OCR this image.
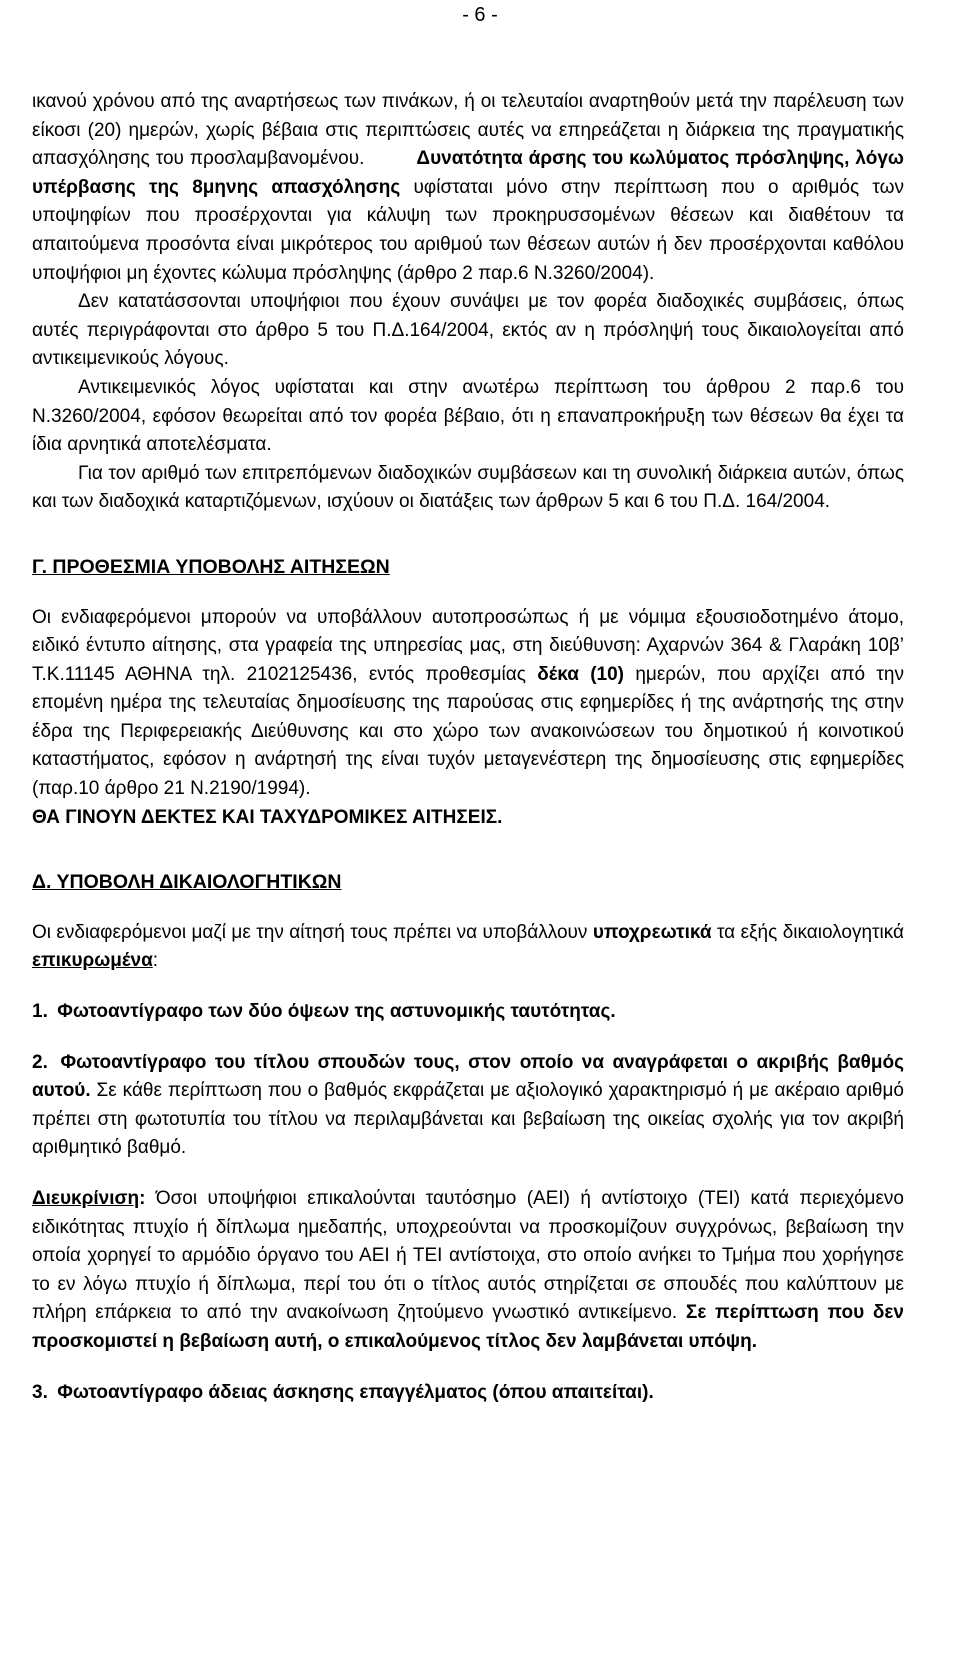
- 6 -

ικανού χρόνου από της αναρτήσεως των πινάκων, ή οι τελευταίοι αναρτηθούν μετά την παρέλευση των είκοσι (20) ημερών, χωρίς βέβαια στις περιπτώσεις αυτές να επηρεάζεται η διάρκεια της πραγματικής απασχόλησης του προσλαμβανομένου.	Δυνατότητα άρσης του κωλύματος πρόσληψης, λόγω υπέρβασης της 8μηνης απασχόλησης υφίσταται μόνο στην περίπτωση που ο αριθμός των υποψηφίων που προσέρχονται για κάλυψη των προκηρυσσομένων θέσεων και διαθέτουν τα απαιτούμενα προσόντα είναι μικρότερος του αριθμού των θέσεων αυτών ή δεν προσέρχονται καθόλου υποψήφιοι μη έχοντες κώλυμα πρόσληψης (άρθρο 2 παρ.6 Ν.3260/2004).

Δεν κατατάσσονται υποψήφιοι που έχουν συνάψει με τον φορέα διαδοχικές συμβάσεις, όπως αυτές περιγράφονται στο άρθρο 5 του Π.Δ.164/2004, εκτός αν η πρόσληψή τους δικαιολογείται από αντικειμενικούς λόγους.

Αντικειμενικός λόγος υφίσταται και στην ανωτέρω περίπτωση του άρθρου 2 παρ.6 του Ν.3260/2004, εφόσον θεωρείται από τον φορέα βέβαιο, ότι η επαναπροκήρυξη των θέσεων θα έχει τα ίδια αρνητικά αποτελέσματα.

Για τον αριθμό των επιτρεπόμενων διαδοχικών συμβάσεων και τη συνολική διάρκεια αυτών, όπως και των διαδοχικά καταρτιζόμενων, ισχύουν οι διατάξεις των άρθρων 5 και 6 του Π.Δ. 164/2004.

Γ. ΠΡΟΘΕΣΜΙΑ ΥΠΟΒΟΛΗΣ ΑΙΤΗΣΕΩΝ

Οι ενδιαφερόμενοι μπορούν να υποβάλλουν αυτοπροσώπως ή με νόμιμα εξουσιοδοτημένο άτομο, ειδικό έντυπο αίτησης, στα γραφεία της υπηρεσίας μας, στη διεύθυνση: Αχαρνών 364 & Γλαράκη 10β’ Τ.Κ.11145 ΑΘΗΝΑ τηλ. 2102125436, εντός προθεσμίας δέκα (10) ημερών, που αρχίζει από την επομένη ημέρα της τελευταίας δημοσίευσης της παρούσας στις εφημερίδες ή της ανάρτησής της στην έδρα της Περιφερειακής Διεύθυνσης και στο χώρο των ανακοινώσεων του δημοτικού ή κοινοτικού καταστήματος, εφόσον η ανάρτησή της είναι τυχόν μεταγενέστερη της δημοσίευσης στις εφημερίδες (παρ.10 άρθρο 21 Ν.2190/1994).

ΘΑ ΓΙΝΟΥΝ ΔΕΚΤΕΣ ΚΑΙ ΤΑΧΥΔΡΟΜΙΚΕΣ ΑΙΤΗΣΕΙΣ.

Δ. ΥΠΟΒΟΛΗ ΔΙΚΑΙΟΛΟΓΗΤΙΚΩΝ

Οι ενδιαφερόμενοι μαζί με την αίτησή τους πρέπει να υποβάλλουν υποχρεωτικά τα εξής δικαιολογητικά επικυρωμένα:

1. Φωτοαντίγραφο των δύο όψεων της αστυνομικής ταυτότητας.

2. Φωτοαντίγραφο του τίτλου σπουδών τους, στον οποίο να αναγράφεται ο ακριβής βαθμός αυτού. Σε κάθε περίπτωση που ο βαθμός εκφράζεται με αξιολογικό χαρακτηρισμό ή με ακέραιο αριθμό πρέπει στη φωτοτυπία του τίτλου να περιλαμβάνεται και βεβαίωση της οικείας σχολής για τον ακριβή αριθμητικό βαθμό.

Διευκρίνιση: Όσοι υποψήφιοι επικαλούνται ταυτόσημο (ΑΕΙ) ή αντίστοιχο (ΤΕΙ) κατά περιεχόμενο ειδικότητας πτυχίο ή δίπλωμα ημεδαπής, υποχρεούνται να προσκομίζουν συγχρόνως, βεβαίωση την οποία χορηγεί το αρμόδιο όργανο του ΑΕΙ ή ΤΕΙ αντίστοιχα, στο οποίο ανήκει το Τμήμα που χορήγησε το εν λόγω πτυχίο ή δίπλωμα, περί του ότι ο τίτλος αυτός στηρίζεται σε σπουδές που καλύπτουν με πλήρη επάρκεια το από την ανακοίνωση ζητούμενο γνωστικό αντικείμενο. Σε περίπτωση που δεν προσκομιστεί η βεβαίωση αυτή, ο επικαλούμενος τίτλος δεν λαμβάνεται υπόψη.

3. Φωτοαντίγραφο άδειας άσκησης επαγγέλματος (όπου απαιτείται).
